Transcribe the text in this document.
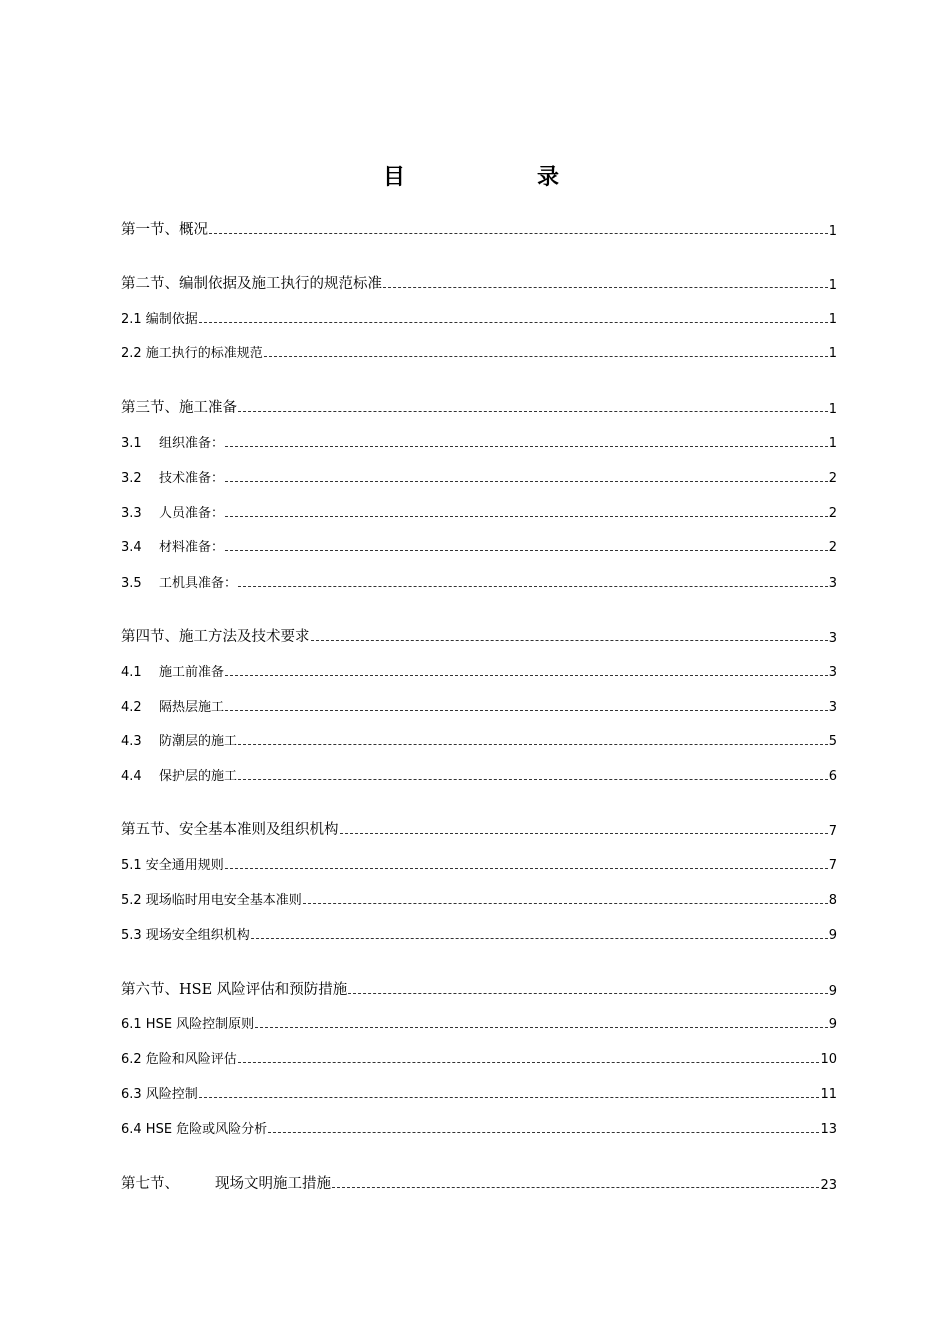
目	录
第一节、概况	1
第二节、编制依据及施工执行的规范标准	1
2.1 编制依据	1
2.2 施工执行的标准规范	1
第三节、施工准备	1
3.1 组织准备：	1
3.2 技术准备：	2
3.3 人员准备：	2
3.4 材料准备：	2
3.5 工机具准备：	3
第四节、施工方法及技术要求	3
4.1 施工前准备	3
4.2 隔热层施工	3
4.3 防潮层的施工	5
4.4 保护层的施工	6
第五节、安全基本准则及组织机构	7
5.1 安全通用规则	7
5.2 现场临时用电安全基本准则	8
5.3 现场安全组织机构	9
第六节、HSE 风险评估和预防措施	9
6.1 HSE 风险控制原则	9
6.2 危险和风险评估	10
6.3 风险控制	11
6.4 HSE 危险或风险分析	13
第七节、 现场文明施工措施	23
